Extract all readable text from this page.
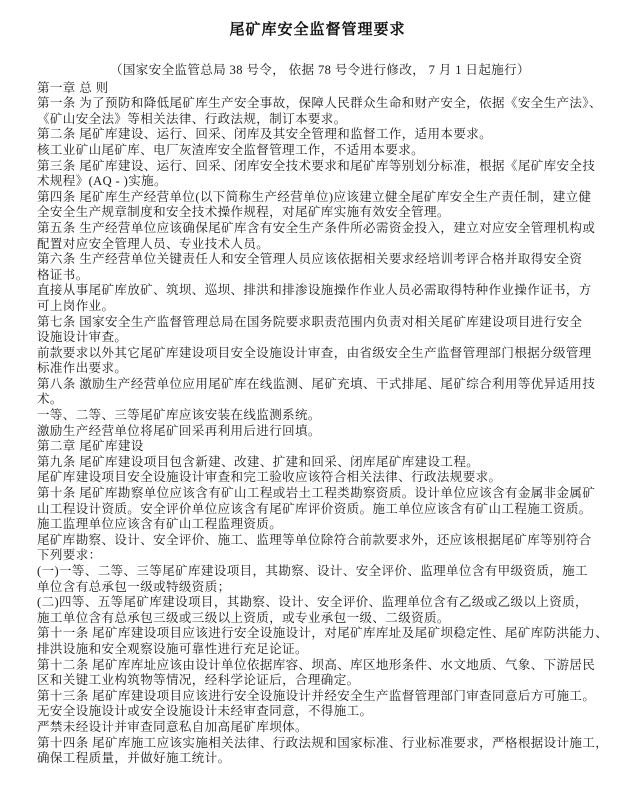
尾矿库安全监督管理要求
（国家安全监管总局 38 号令， 依据 78 号令进行修改， 7 月 1 日起施行）
第一章 总 则
第一条 为了预防和降低尾矿库生产安全事故，保障人民群众生命和财产安全，依据《安全生产法》、
《矿山安全法》等相关法律、行政法规，制订本要求。
第二条 尾矿库建设、运行、回采、闭库及其安全管理和监督工作，适用本要求。
核工业矿山尾矿库、电厂灰渣库安全监督管理工作，不适用本要求。
第三条 尾矿库建设、运行、回采、闭库安全技术要求和尾矿库等别划分标准，根据《尾矿库安全技
术规程》(AQ - )实施。
第四条 尾矿库生产经营单位(以下简称生产经营单位)应该建立健全尾矿库安全生产责任制，建立健
全安全生产规章制度和安全技术操作规程，对尾矿库实施有效安全管理。
第五条 生产经营单位应该确保尾矿库含有安全生产条件所必需资金投入，建立对应安全管理机构或
配置对应安全管理人员、专业技术人员。
第六条 生产经营单位关键责任人和安全管理人员应该依据相关要求经培训考评合格并取得安全资
格证书。
直接从事尾矿库放矿、筑坝、巡坝、排洪和排渗设施操作作业人员必需取得特种作业操作证书，方
可上岗作业。
第七条 国家安全生产监督管理总局在国务院要求职责范围内负责对相关尾矿库建设项目进行安全
设施设计审查。
前款要求以外其它尾矿库建设项目安全设施设计审查，由省级安全生产监督管理部门根据分级管理
标准作出要求。
第八条 激励生产经营单位应用尾矿库在线监测、尾矿充填、干式排尾、尾矿综合利用等优异适用技
术。
一等、二等、三等尾矿库应该安装在线监测系统。
激励生产经营单位将尾矿回采再利用后进行回填。
第二章 尾矿库建设
第九条 尾矿库建设项目包含新建、改建、扩建和回采、闭库尾矿库建设工程。
尾矿库建设项目安全设施设计审查和完工验收应该符合相关法律、行政法规要求。
第十条 尾矿库勘察单位应该含有矿山工程或岩土工程类勘察资质。设计单位应该含有金属非金属矿
山工程设计资质。安全评价单位应该含有尾矿库评价资质。施工单位应该含有矿山工程施工资质。
施工监理单位应该含有矿山工程监理资质。
尾矿库勘察、设计、安全评价、施工、监理等单位除符合前款要求外，还应该根据尾矿库等别符合
下列要求：
(一)一等、二等、三等尾矿库建设项目，其勘察、设计、安全评价、监理单位含有甲级资质，施工
单位含有总承包一级或特级资质；
(二)四等、五等尾矿库建设项目，其勘察、设计、安全评价、监理单位含有乙级或乙级以上资质，
施工单位含有总承包三级或三级以上资质，或专业承包一级、二级资质。
第十一条 尾矿库建设项目应该进行安全设施设计，对尾矿库库址及尾矿坝稳定性、尾矿库防洪能力、
排洪设施和安全观察设施可靠性进行充足论证。
第十二条 尾矿库库址应该由设计单位依据库容、坝高、库区地形条件、水文地质、气象、下游居民
区和关键工业构筑物等情况，经科学论证后，合理确定。
第十三条 尾矿库建设项目应该进行安全设施设计并经安全生产监督管理部门审查同意后方可施工。
无安全设施设计或安全设施设计未经审查同意，不得施工。
严禁未经设计并审查同意私自加高尾矿库坝体。
第十四条 尾矿库施工应该实施相关法律、行政法规和国家标准、行业标准要求，严格根据设计施工，
确保工程质量，并做好施工统计。
